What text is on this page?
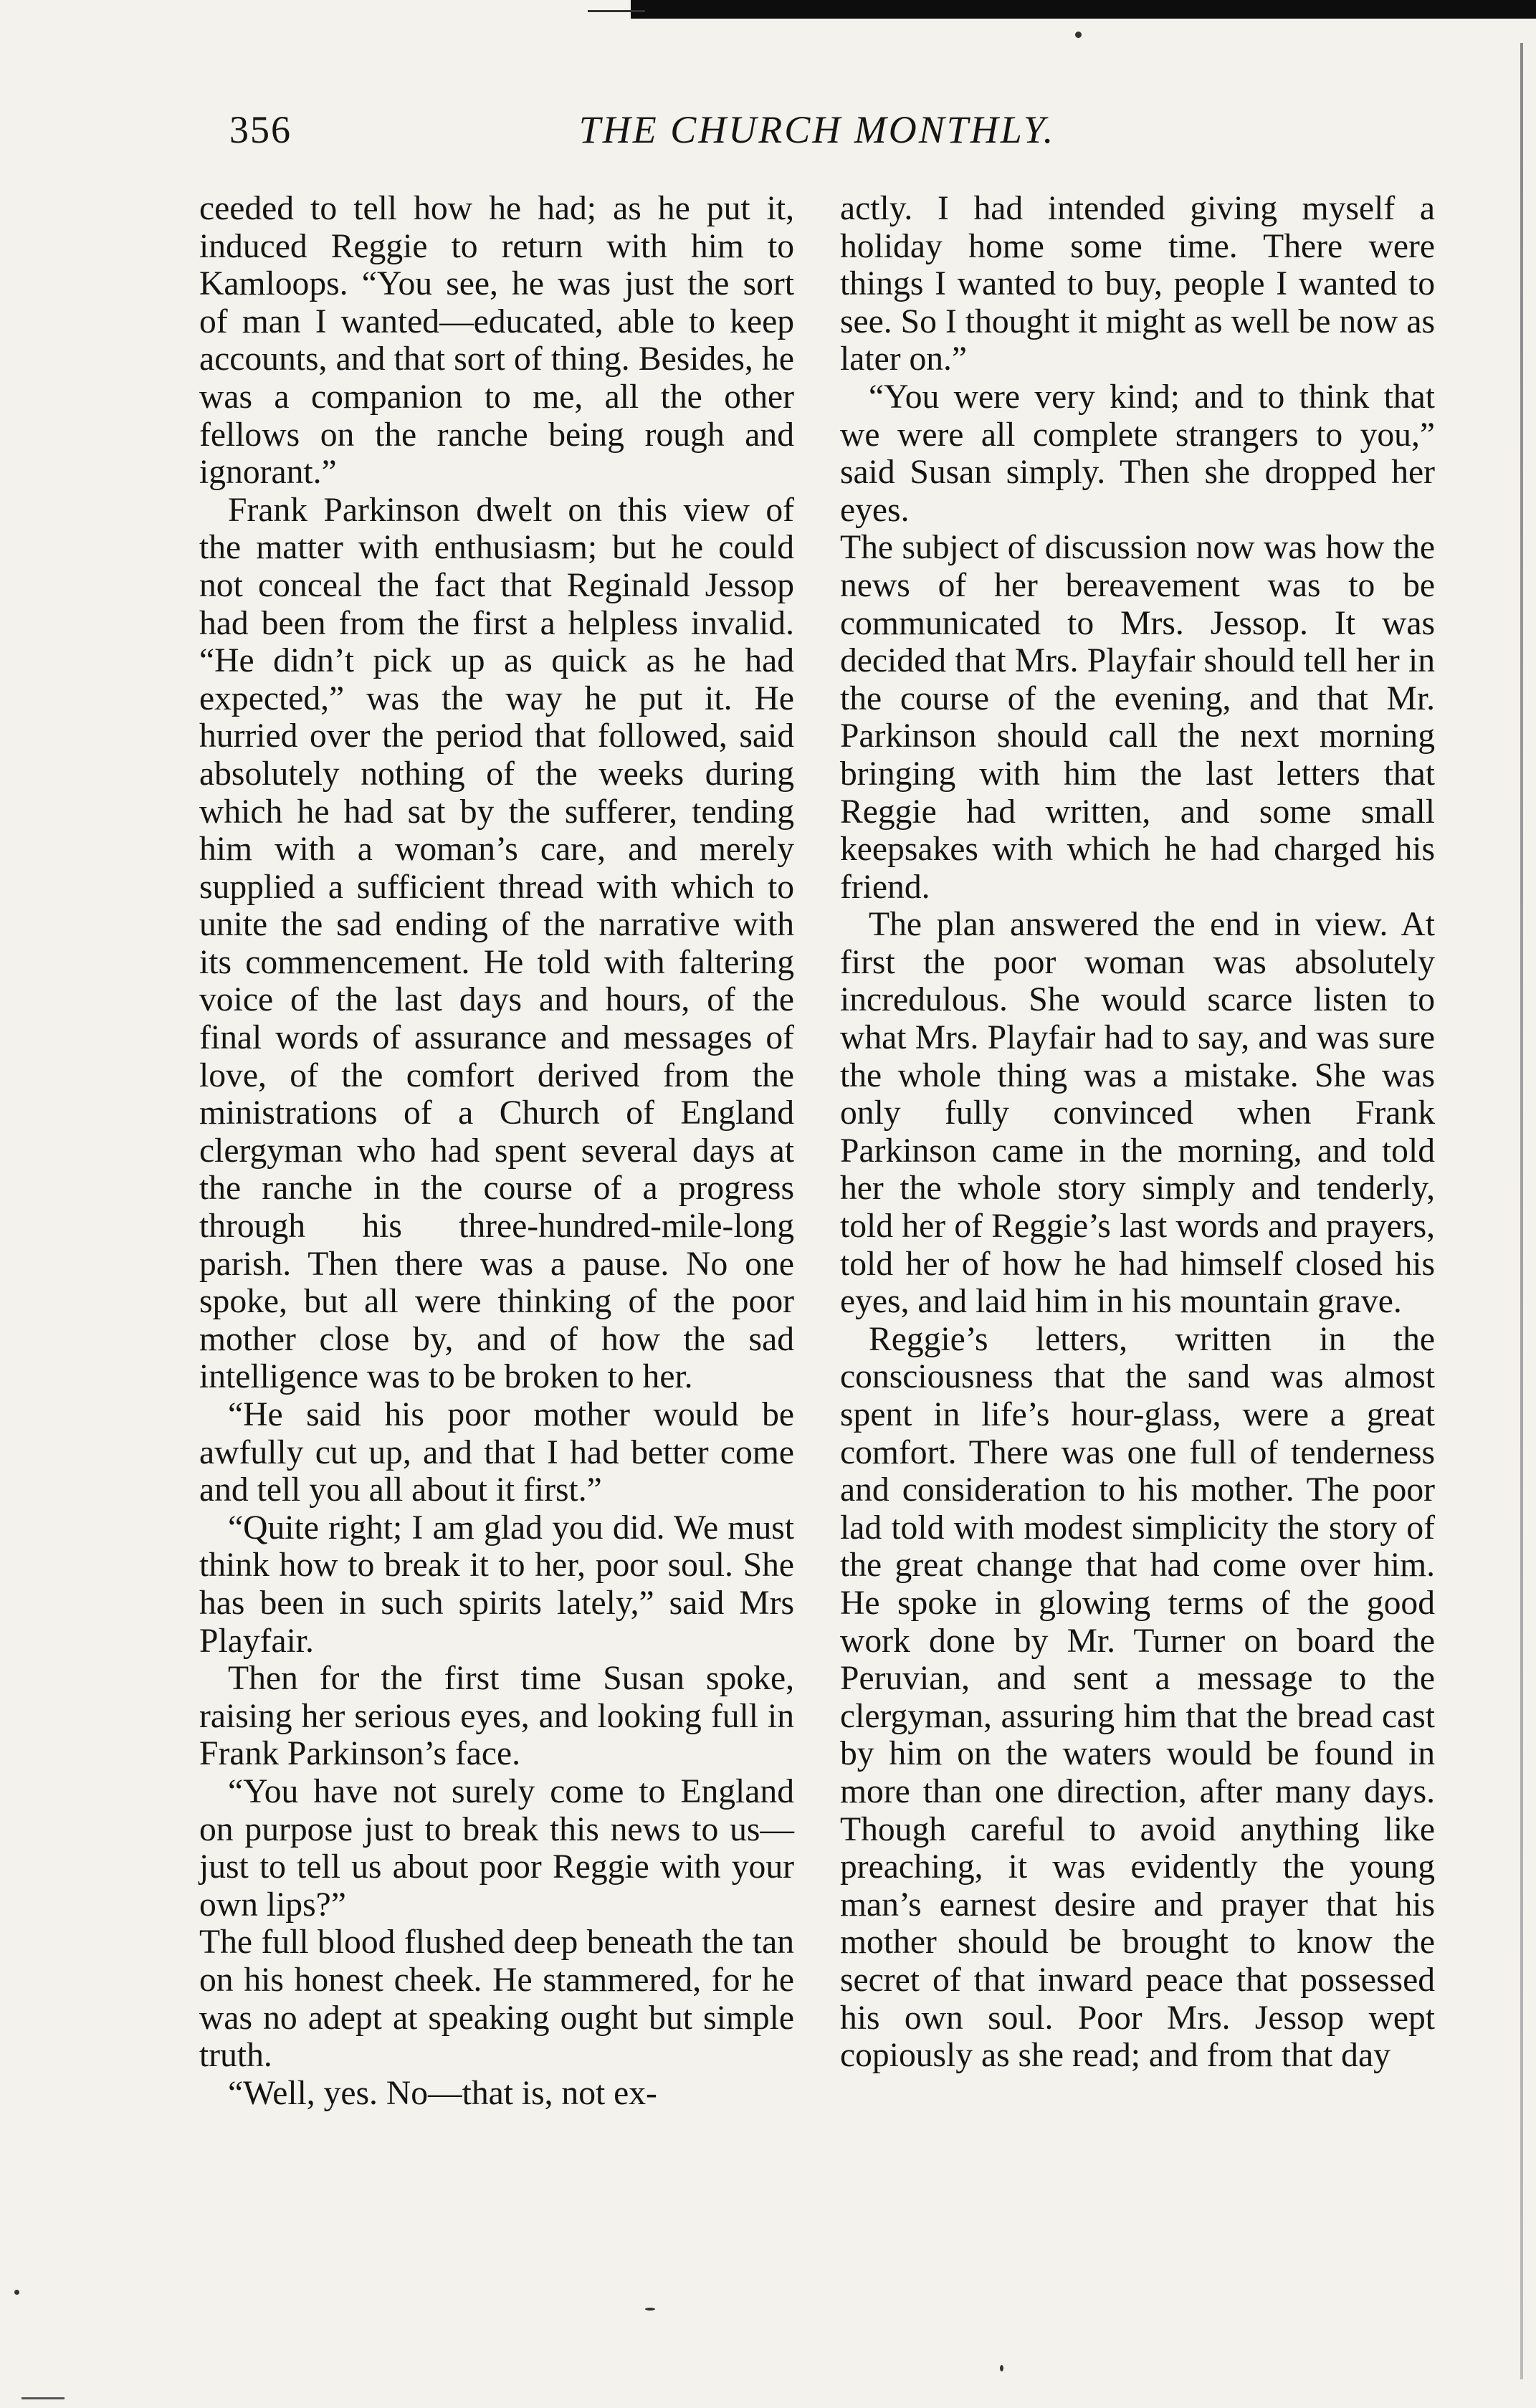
356	THE CHURCH MONTHLY.

ceeded to tell how he had; as he put it, induced Reggie to return with him to Kamloops. “You see, he was just the sort of man I wanted—educated, able to keep accounts, and that sort of thing. Besides, he was a companion to me, all the other fellows on the ranche being rough and ignorant.”

Frank Parkinson dwelt on this view of the matter with enthusiasm; but he could not conceal the fact that Reginald Jessop had been from the first a helpless invalid. “He didn’t pick up as quick as he had expected,” was the way he put it. He hurried over the period that followed, said absolutely nothing of the weeks during which he had sat by the sufferer, tending him with a woman’s care, and merely supplied a sufficient thread with which to unite the sad ending of the narrative with its commencement. He told with faltering voice of the last days and hours, of the final words of assurance and messages of love, of the comfort derived from the ministrations of a Church of England clergyman who had spent several days at the ranche in the course of a progress through his three-hundred-mile-long parish. Then there was a pause. No one spoke, but all were thinking of the poor mother close by, and of how the sad intelligence was to be broken to her.

“He said his poor mother would be awfully cut up, and that I had better come and tell you all about it first.”

“Quite right; I am glad you did. We must think how to break it to her, poor soul. She has been in such spirits lately,” said Mrs Playfair.

Then for the first time Susan spoke, raising her serious eyes, and looking full in Frank Parkinson’s face.

“You have not surely come to England on purpose just to break this news to us—just to tell us about poor Reggie with your own lips?”

The full blood flushed deep beneath the tan on his honest cheek. He stammered, for he was no adept at speaking ought but simple truth.

“Well, yes. No—that is, not ex-

actly. I had intended giving myself a holiday home some time. There were things I wanted to buy, people I wanted to see. So I thought it might as well be now as later on.”

“You were very kind; and to think that we were all complete strangers to you,” said Susan simply. Then she dropped her eyes.

The subject of discussion now was how the news of her bereavement was to be communicated to Mrs. Jessop. It was decided that Mrs. Playfair should tell her in the course of the evening, and that Mr. Parkinson should call the next morning bringing with him the last letters that Reggie had written, and some small keepsakes with which he had charged his friend.

The plan answered the end in view. At first the poor woman was absolutely incredulous. She would scarce listen to what Mrs. Playfair had to say, and was sure the whole thing was a mistake. She was only fully convinced when Frank Parkinson came in the morning, and told her the whole story simply and tenderly, told her of Reggie’s last words and prayers, told her of how he had himself closed his eyes, and laid him in his mountain grave.

Reggie’s letters, written in the consciousness that the sand was almost spent in life’s hour-glass, were a great comfort. There was one full of tenderness and consideration to his mother. The poor lad told with modest simplicity the story of the great change that had come over him. He spoke in glowing terms of the good work done by Mr. Turner on board the Peruvian, and sent a message to the clergyman, assuring him that the bread cast by him on the waters would be found in more than one direction, after many days. Though careful to avoid anything like preaching, it was evidently the young man’s earnest desire and prayer that his mother should be brought to know the secret of that inward peace that possessed his own soul. Poor Mrs. Jessop wept copiously as she read; and from that day
